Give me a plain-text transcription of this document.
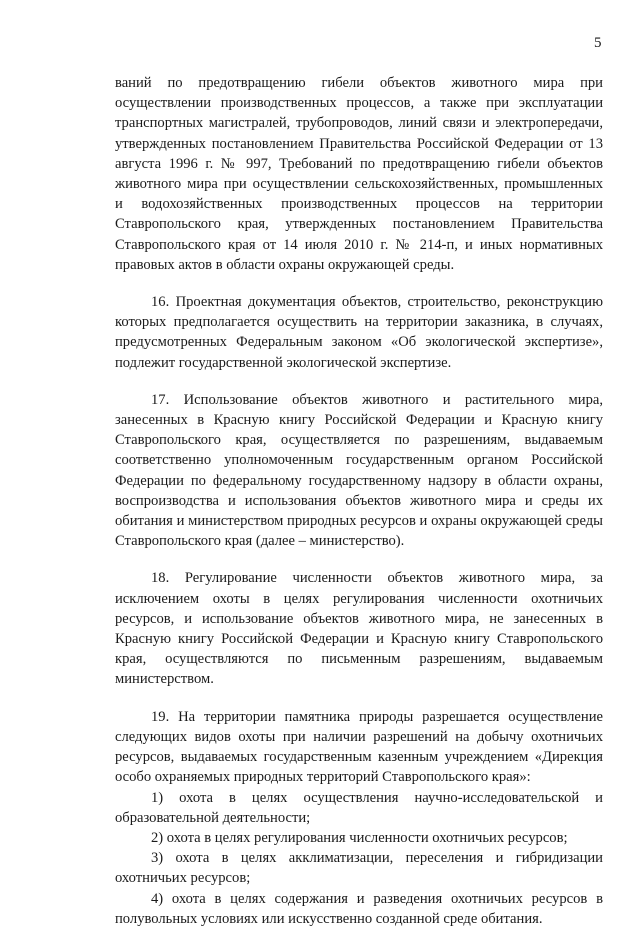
5

ваний по предотвращению гибели объектов животного мира при осуществлении производственных процессов, а также при эксплуатации транспортных магистралей, трубопроводов, линий связи и электропередачи, утвержденных постановлением Правительства Российской Федерации от 13 августа 1996 г. № 997, Требований по предотвращению гибели объектов животного мира при осуществлении сельскохозяйственных, промышленных и водохозяйственных производственных процессов на территории Ставропольского края, утвержденных постановлением Правительства Ставропольского края от 14 июля 2010 г. № 214-п, и иных нормативных правовых актов в области охраны окружающей среды.

16. Проектная документация объектов, строительство, реконструкцию которых предполагается осуществить на территории заказника, в случаях, предусмотренных Федеральным законом «Об экологической экспертизе», подлежит государственной экологической экспертизе.

17. Использование объектов животного и растительного мира, занесенных в Красную книгу Российской Федерации и Красную книгу Ставропольского края, осуществляется по разрешениям, выдаваемым соответственно уполномоченным государственным органом Российской Федерации по федеральному государственному надзору в области охраны, воспроизводства и использования объектов животного мира и среды их обитания и министерством природных ресурсов и охраны окружающей среды Ставропольского края (далее – министерство).

18. Регулирование численности объектов животного мира, за исключением охоты в целях регулирования численности охотничьих ресурсов, и использование объектов животного мира, не занесенных в Красную книгу Российской Федерации и Красную книгу Ставропольского края, осуществляются по письменным разрешениям, выдаваемым министерством.

19. На территории памятника природы разрешается осуществление следующих видов охоты при наличии разрешений на добычу охотничьих ресурсов, выдаваемых государственным казенным учреждением «Дирекция особо охраняемых природных территорий Ставропольского края»:

1) охота в целях осуществления научно-исследовательской и образовательной деятельности;

2) охота в целях регулирования численности охотничьих ресурсов;

3) охота в целях акклиматизации, переселения и гибридизации охотничьих ресурсов;

4) охота в целях содержания и разведения охотничьих ресурсов в полувольных условиях или искусственно созданной среде обитания.
